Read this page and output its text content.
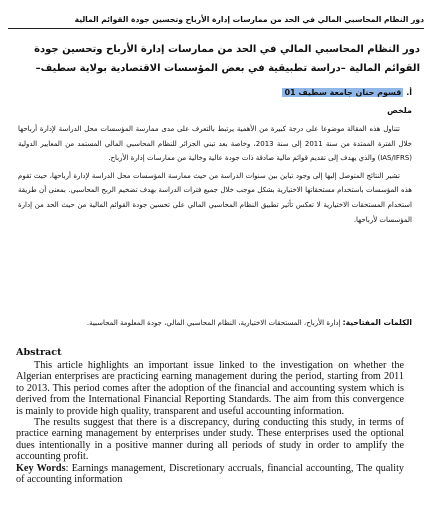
دور النظام المحاسبي المالي في الحد من ممارسات إدارة الأرباح وتحسين جودة القوائم المالية
دور النظام المحاسبي المالي في الحد من ممارسات إدارة الأرباح وتحسين جودة
القوائم المالية –دراسة تطبيقية في بعض المؤسسات الاقتصادية بولاية سطيف–
أ. قسوم حنان جامعة سطيف 01
ملخص

تتناول هذه المقالة موضوعا على درجة كبيرة من الأهمية يرتبط بالتعرف على مدى ممارسة المؤسسات محل الدراسة لإدارة أرباحها خلال الفترة الممتدة من سنة 2011 إلى سنة 2013، وخاصة بعد تبني الجزائر للنظام المحاسبي المالي المستمد من المعايير الدولية (IAS/IFRS) والذي يهدف إلى تقديم قوائم مالية صادقة ذات جودة عالية وخالية من ممارسات إدارة الأرباح.

تشير النتائج المتوصل إليها إلى وجود تباين بين سنوات الدراسة من حيث ممارسة المؤسسات محل الدراسة لإدارة أرباحها، حيث تقوم هذه المؤسسات باستخدام مستحقاتها الاختيارية بشكل موجب خلال جميع فترات الدراسة بهدف تضخيم الربح المحاسبي. بمعنى أن طريقة استخدام المستحقات الاختيارية لا تعكس تأثير تطبيق النظام المحاسبي المالي على تحسين جودة القوائم المالية من حيث الحد من إدارة المؤسسات لأرباحها.

الكلمات المفتاحية: إدارة الأرباح، المستحقات الاختيارية، النظام المحاسبي المالي، جودة المعلومة المحاسبية.
Abstract

This article highlights an important issue linked to the investigation on whether the Algerian enterprises are practicing earning management during the period, starting from 2011 to 2013. This period comes after the adoption of the financial and accounting system which is derived from the International Financial Reporting Standards. The aim from this convergence is mainly to provide high quality, transparent and useful accounting information.

The results suggest that there is a discrepancy, during conducting this study, in terms of practice earning management by enterprises under study. These enterprises used the optional dues intentionally in a positive manner during all periods of study in order to amplify the accounting profit.

Key Words: Earnings management, Discretionary accruals, financial accounting, The quality of accounting information
